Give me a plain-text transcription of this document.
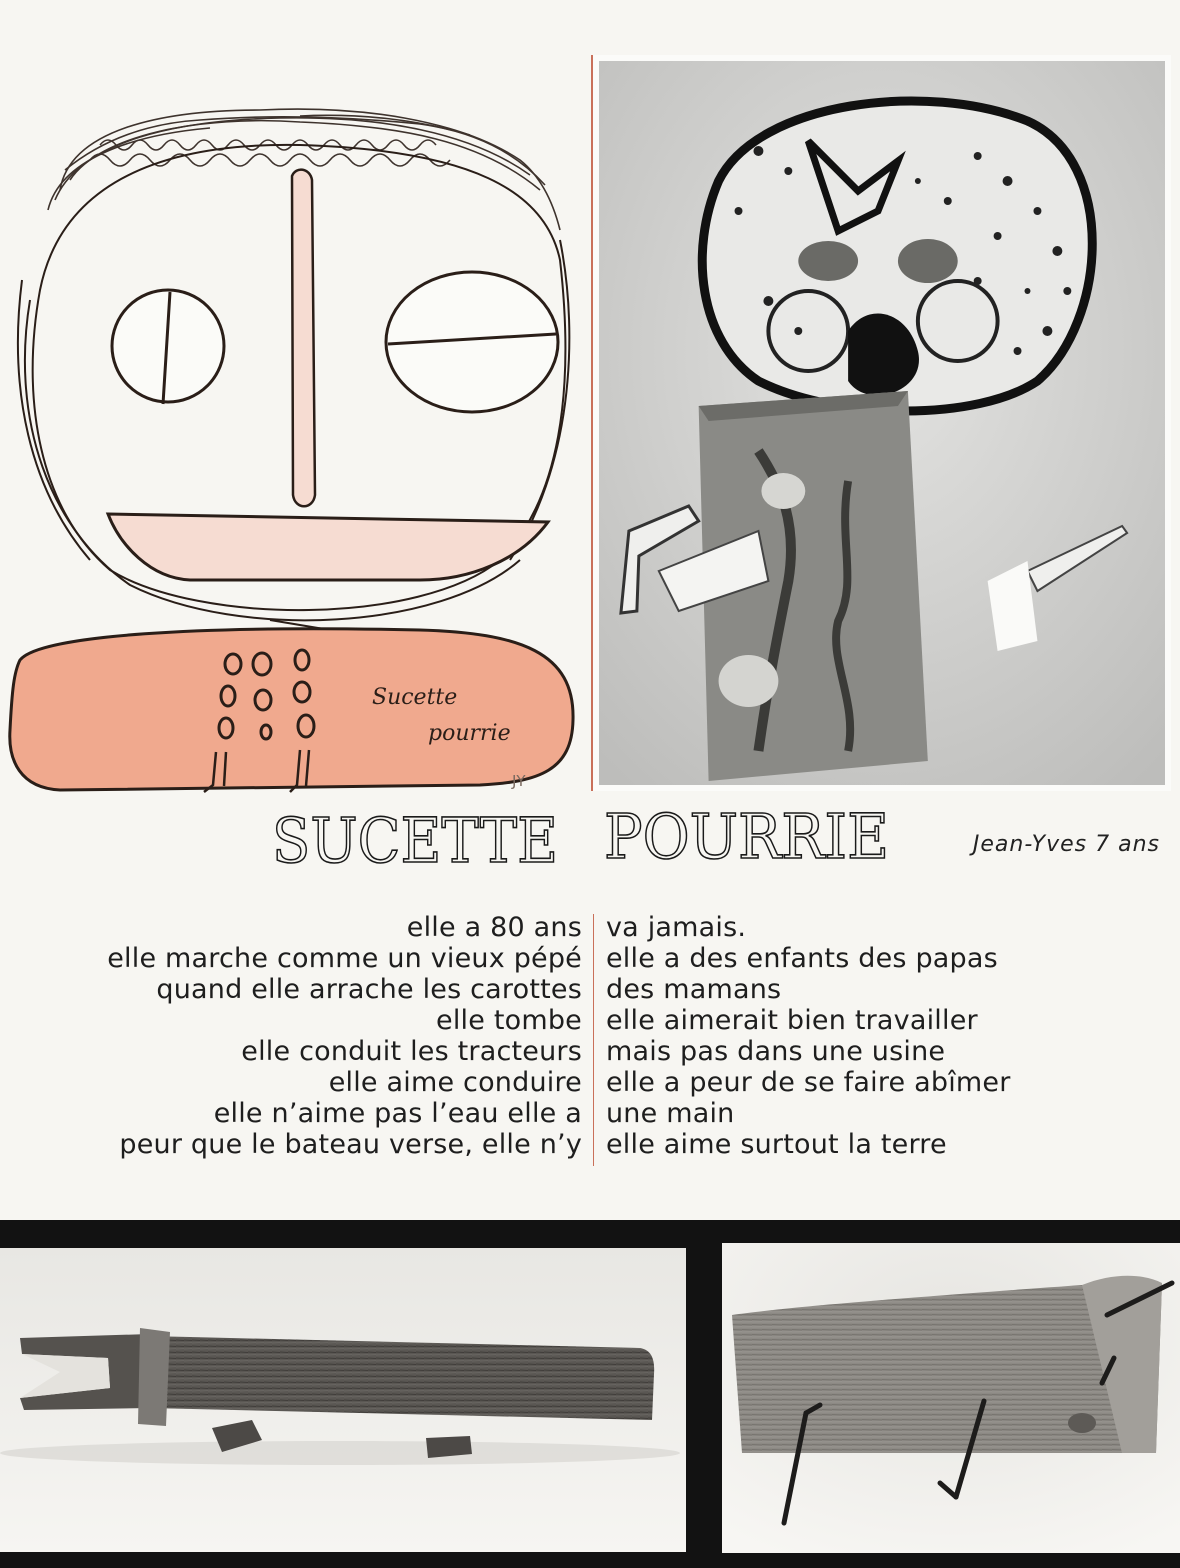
Sucette
pourrie
JY
SUCETTE POURRIE	Jean-Yves 7 ans
elle a 80 ans
elle marche comme un vieux pépé
quand elle arrache les carottes
elle tombe
elle conduit les tracteurs
elle aime conduire
elle n’aime pas l’eau elle a
peur que le bateau verse, elle n’y
va jamais.
elle a des enfants des papas
des mamans
elle aimerait bien travailler
mais pas dans une usine
elle a peur de se faire abîmer
une main
elle aime surtout la terre
